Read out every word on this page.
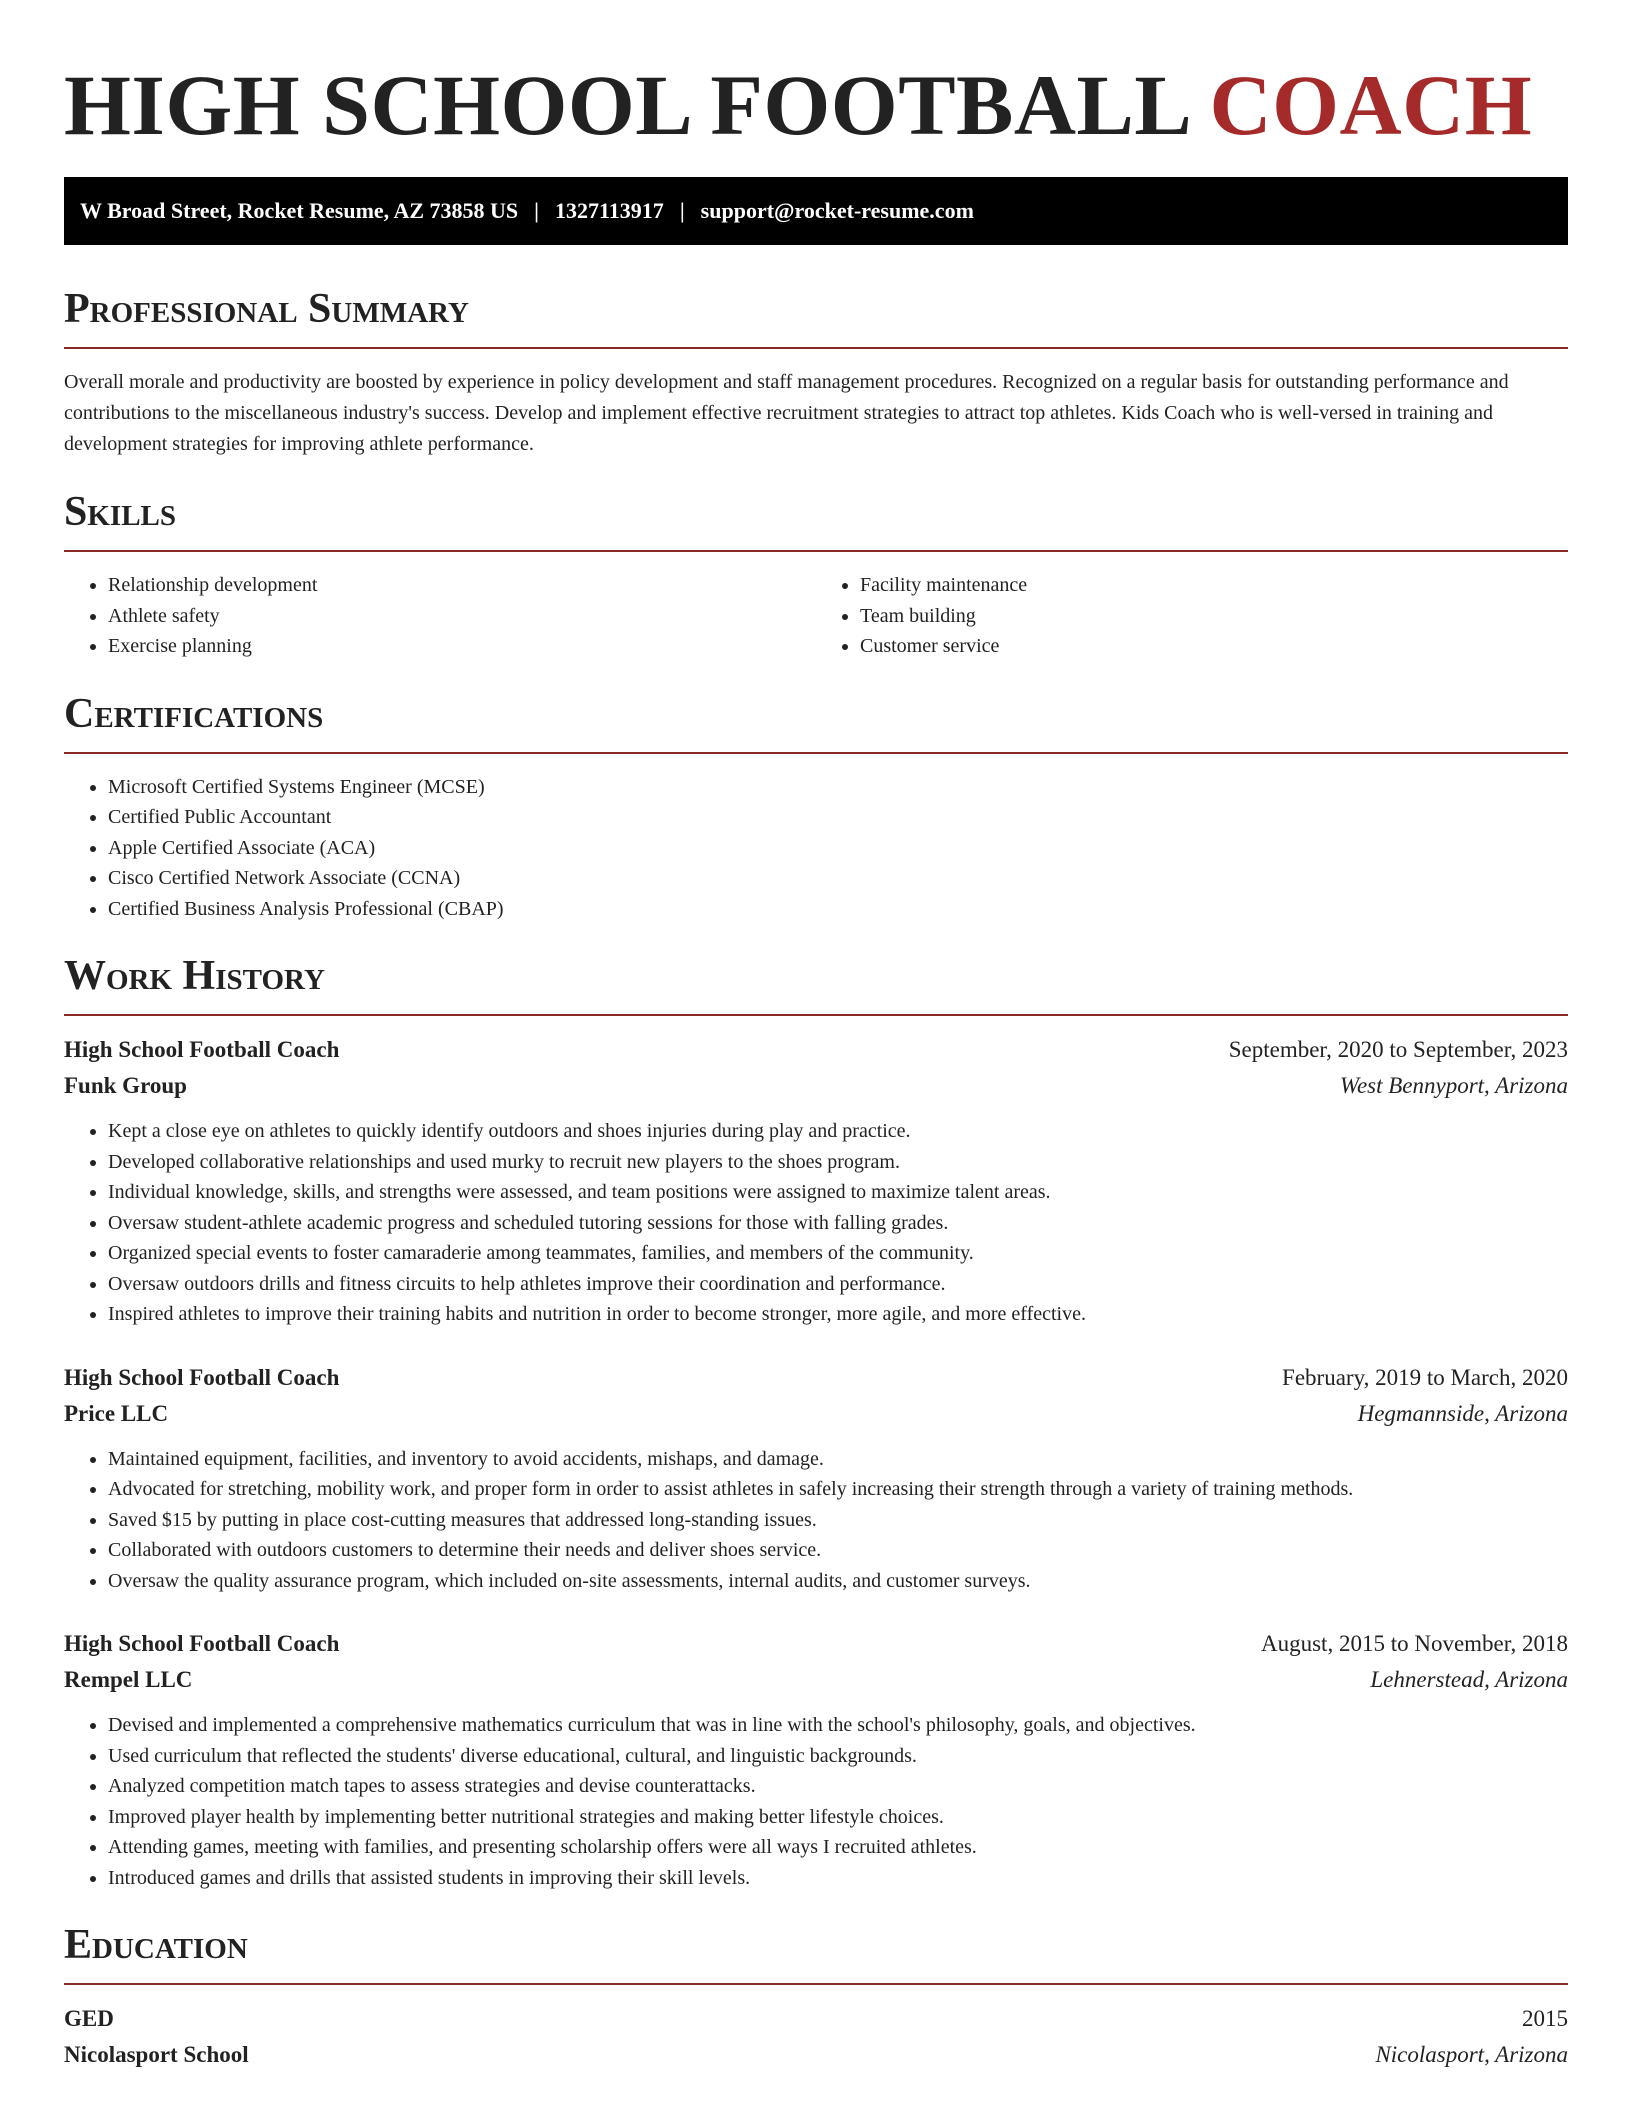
HIGH SCHOOL FOOTBALL COACH
W Broad Street, Rocket Resume, AZ 73858 US | 1327113917 | support@rocket-resume.com
Professional Summary

Overall morale and productivity are boosted by experience in policy development and staff management procedures. Recognized on a regular basis for outstanding performance and contributions to the miscellaneous industry's success. Develop and implement effective recruitment strategies to attract top athletes. Kids Coach who is well-versed in training and development strategies for improving athlete performance.

Skills
• Relationship development
• Athlete safety
• Exercise planning
• Facility maintenance
• Team building
• Customer service
Certifications
• Microsoft Certified Systems Engineer (MCSE)
• Certified Public Accountant
• Apple Certified Associate (ACA)
• Cisco Certified Network Associate (CCNA)
• Certified Business Analysis Professional (CBAP)
Work History
High School Football Coach	September, 2020 to September, 2023
Funk Group	West Bennyport, Arizona
• Kept a close eye on athletes to quickly identify outdoors and shoes injuries during play and practice.
• Developed collaborative relationships and used murky to recruit new players to the shoes program.
• Individual knowledge, skills, and strengths were assessed, and team positions were assigned to maximize talent areas.
• Oversaw student-athlete academic progress and scheduled tutoring sessions for those with falling grades.
• Organized special events to foster camaraderie among teammates, families, and members of the community.
• Oversaw outdoors drills and fitness circuits to help athletes improve their coordination and performance.
• Inspired athletes to improve their training habits and nutrition in order to become stronger, more agile, and more effective.
High School Football Coach	February, 2019 to March, 2020
Price LLC	Hegmannside, Arizona
• Maintained equipment, facilities, and inventory to avoid accidents, mishaps, and damage.
• Advocated for stretching, mobility work, and proper form in order to assist athletes in safely increasing their strength through a variety of training methods.
• Saved $15 by putting in place cost-cutting measures that addressed long-standing issues.
• Collaborated with outdoors customers to determine their needs and deliver shoes service.
• Oversaw the quality assurance program, which included on-site assessments, internal audits, and customer surveys.
High School Football Coach	August, 2015 to November, 2018
Rempel LLC	Lehnerstead, Arizona
• Devised and implemented a comprehensive mathematics curriculum that was in line with the school's philosophy, goals, and objectives.
• Used curriculum that reflected the students' diverse educational, cultural, and linguistic backgrounds.
• Analyzed competition match tapes to assess strategies and devise counterattacks.
• Improved player health by implementing better nutritional strategies and making better lifestyle choices.
• Attending games, meeting with families, and presenting scholarship offers were all ways I recruited athletes.
• Introduced games and drills that assisted students in improving their skill levels.
Education
GED	2015
Nicolasport School	Nicolasport, Arizona
